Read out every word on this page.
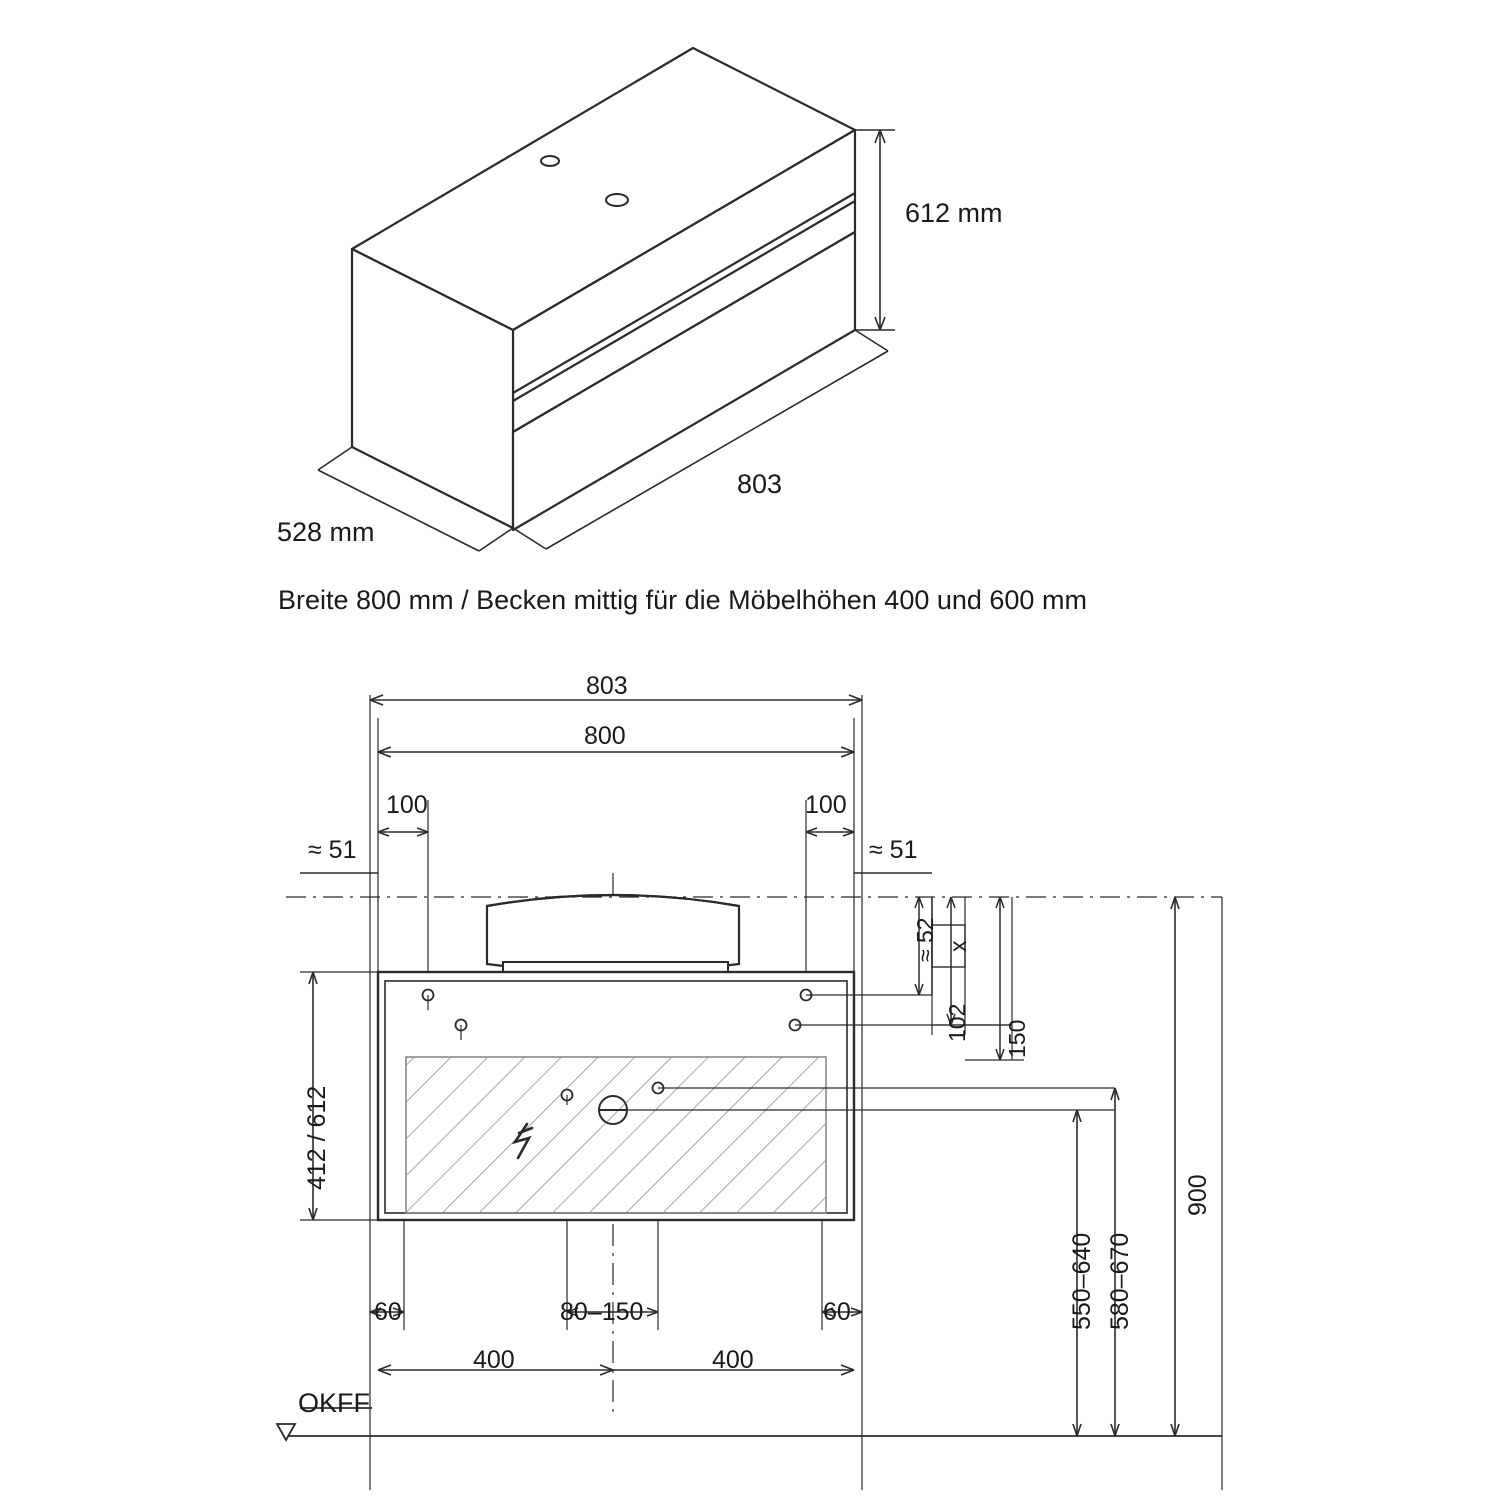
612 mm
528 mm
803
Breite 800 mm / Becken mittig für die Möbelhöhen 400 und 600 mm
803
800
100	100
≈ 51	≈ 51
≈ 52 x
102 150
412 / 612
60	80–150	60
400	400
550–640 580–670
900
OKFF
